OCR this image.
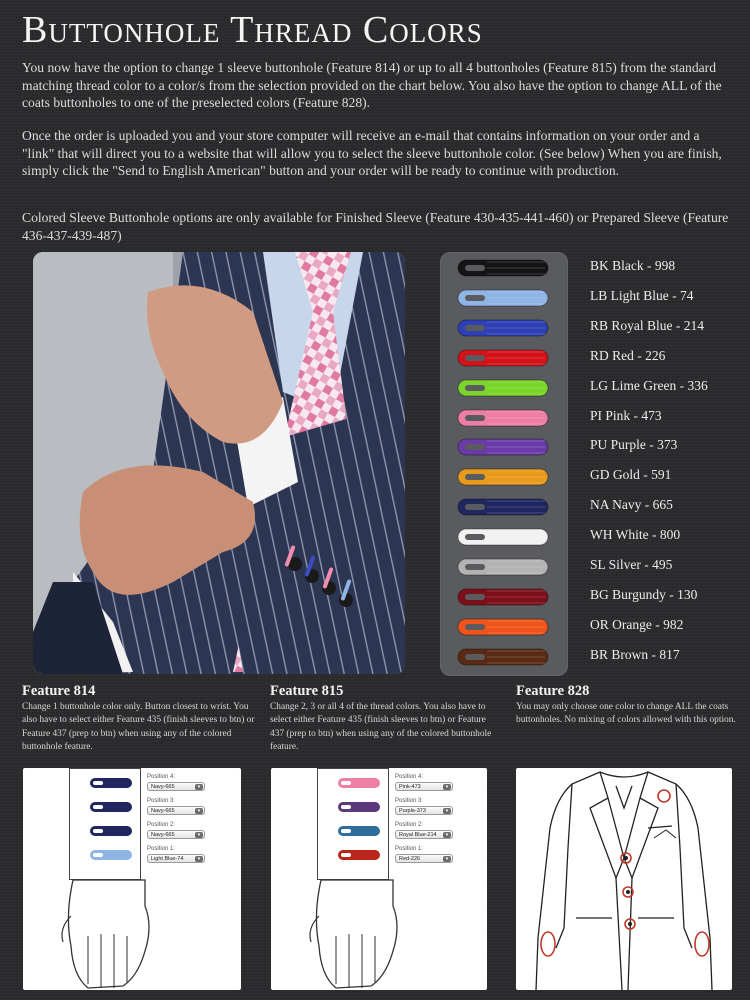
Buttonhole Thread Colors

You now have the option to change 1 sleeve buttonhole (Feature 814) or up to all 4 buttonholes (Feature 815) from the standard matching thread color to a color/s from the selection provided on the chart below. You also have the option to change ALL of the coats buttonholes to one of the preselected colors (Feature 828).

Once the order is uploaded you and your store computer will receive an e-mail that contains information on your order and a "link" that will direct you to a website that will allow you to select the sleeve buttonhole color. (See below) When you are finish, simply click the "Send to English American" button and your order will be ready to continue with production.

Colored Sleeve Buttonhole options are only available for Finished Sleeve (Feature 430-435-441-460) or Prepared Sleeve (Feature 436-437-439-487)

BK Black - 998
LB Light Blue - 74
RB Royal Blue - 214
RD Red - 226
LG Lime Green - 336
PI Pink - 473
PU Purple - 373
GD Gold - 591
NA Navy - 665
WH White - 800
SL Silver - 495
BG Burgundy - 130
OR Orange - 982
BR Brown - 817
Feature 814

Change 1 buttonhole color only. Button closest to wrist. You also have to select either Feature 435 (finish sleeves to btn) or Feature 437 (prep to btn) when using any of the colored buttonhole feature.

Feature 815

Change 2, 3 or all 4 of the thread colors. You also have to select either Feature 435 (finish sleeves to btn) or Feature 437 (prep to btn) when using any of the colored buttonhole feature.

Feature 828

You may only choose one color to change ALL the coats buttonholes. No mixing of colors allowed with this option.

Position 4:
Navy-665	▾
Position 3:
Navy-665	▾
Position 2:
Navy-665	▾
Position 1:
Light Blue-74	▾
Position 4:
Pink-473	▾
Position 3:
Purple-373	▾
Position 2:
Royal Blue-214	▾
Position 1:
Red-226	▾
